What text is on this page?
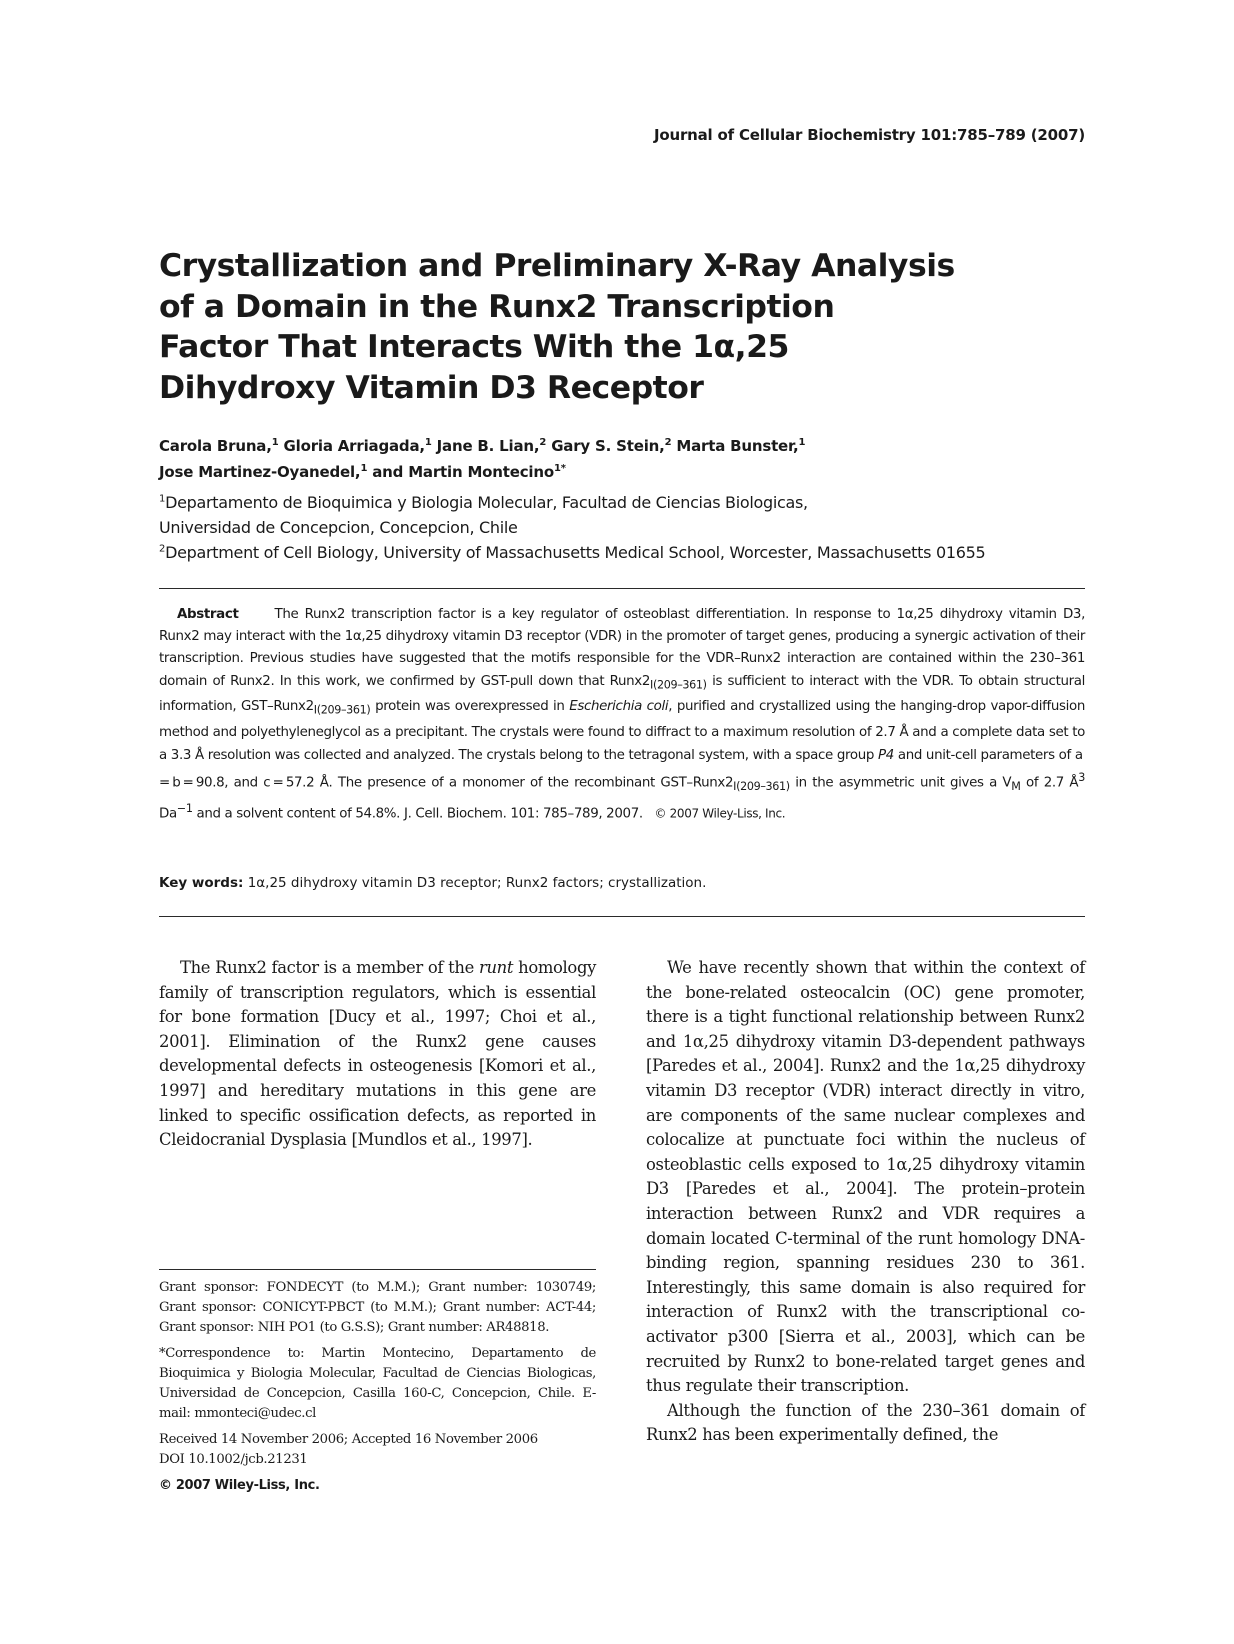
Journal of Cellular Biochemistry 101:785–789 (2007)
Crystallization and Preliminary X-Ray Analysis
of a Domain in the Runx2 Transcription
Factor That Interacts With the 1α,25
Dihydroxy Vitamin D3 Receptor
Carola Bruna,$^1$ Gloria Arriagada,$^1$ Jane B. Lian,$^2$ Gary S. Stein,$^2$ Marta Bunster,$^1$
Jose Martinez-Oyanedel,$^1$ and Martin Montecino$^{1*}$
$^1$Departamento de Bioquimica y Biologia Molecular, Facultad de Ciencias Biologicas,
Universidad de Concepcion, Concepcion, Chile
$^2$Department of Cell Biology, University of Massachusetts Medical School, Worcester, Massachusetts 01655
Abstract	The Runx2 transcription factor is a key regulator of osteoblast differentiation. In response to 1α,25 dihydroxy vitamin D3, Runx2 may interact with the 1α,25 dihydroxy vitamin D3 receptor (VDR) in the promoter of target genes, producing a synergic activation of their transcription. Previous studies have suggested that the motifs responsible for the VDR–Runx2 interaction are contained within the 230–361 domain of Runx2. In this work, we confirmed by GST-pull down that $Runx2_{I(209-361)}$ is sufficient to interact with the VDR. To obtain structural information, GST–$Runx2_{I(209-361)}$ protein was overexpressed in Escherichia coli, purified and crystallized using the hanging-drop vapor-diffusion method and polyethyleneglycol as a precipitant. The crystals were found to diffract to a maximum resolution of 2.7 Å and a complete data set to a 3.3 Å resolution was collected and analyzed. The crystals belong to the tetragonal system, with a space group P4 and unit-cell parameters of a = b = 90.8, and c = 57.2 Å. The presence of a monomer of the recombinant GST–$Runx2_{I(209-361)}$ in the asymmetric unit gives a $V_M$ of 2.7 $Å^3$ $Da^{-1}$ and a solvent content of 54.8%. J. Cell. Biochem. 101: 785–789, 2007. © 2007 Wiley-Liss, Inc.
Key words: 1α,25 dihydroxy vitamin D3 receptor; Runx2 factors; crystallization.

The Runx2 factor is a member of the runt homology family of transcription regulators, which is essential for bone formation [Ducy et al., 1997; Choi et al., 2001]. Elimination of the Runx2 gene causes developmental defects in osteogenesis [Komori et al., 1997] and hereditary mutations in this gene are linked to specific ossification defects, as reported in Cleidocranial Dysplasia [Mundlos et al., 1997].

Grant sponsor: FONDECYT (to M.M.); Grant number: 1030749; Grant sponsor: CONICYT-PBCT (to M.M.); Grant number: ACT-44; Grant sponsor: NIH PO1 (to G.S.S); Grant number: AR48818.

*Correspondence to: Martin Montecino, Departamento de Bioquimica y Biologia Molecular, Facultad de Ciencias Biologicas, Universidad de Concepcion, Casilla 160-C, Concepcion, Chile. E-mail: mmonteci@udec.cl

Received 14 November 2006; Accepted 16 November 2006

DOI 10.1002/jcb.21231

© 2007 Wiley-Liss, Inc.

We have recently shown that within the context of the bone-related osteocalcin (OC) gene promoter, there is a tight functional relationship between Runx2 and 1α,25 dihydroxy vitamin D3-dependent pathways [Paredes et al., 2004]. Runx2 and the 1α,25 dihydroxy vitamin D3 receptor (VDR) interact directly in vitro, are components of the same nuclear complexes and colocalize at punctuate foci within the nucleus of osteoblastic cells exposed to 1α,25 dihydroxy vitamin D3 [Paredes et al., 2004]. The protein–protein interaction between Runx2 and VDR requires a domain located C-terminal of the runt homology DNA-binding region, spanning residues 230 to 361. Interestingly, this same domain is also required for interaction of Runx2 with the transcriptional co-activator p300 [Sierra et al., 2003], which can be recruited by Runx2 to bone-related target genes and thus regulate their transcription.

Although the function of the 230–361 domain of Runx2 has been experimentally defined, the
